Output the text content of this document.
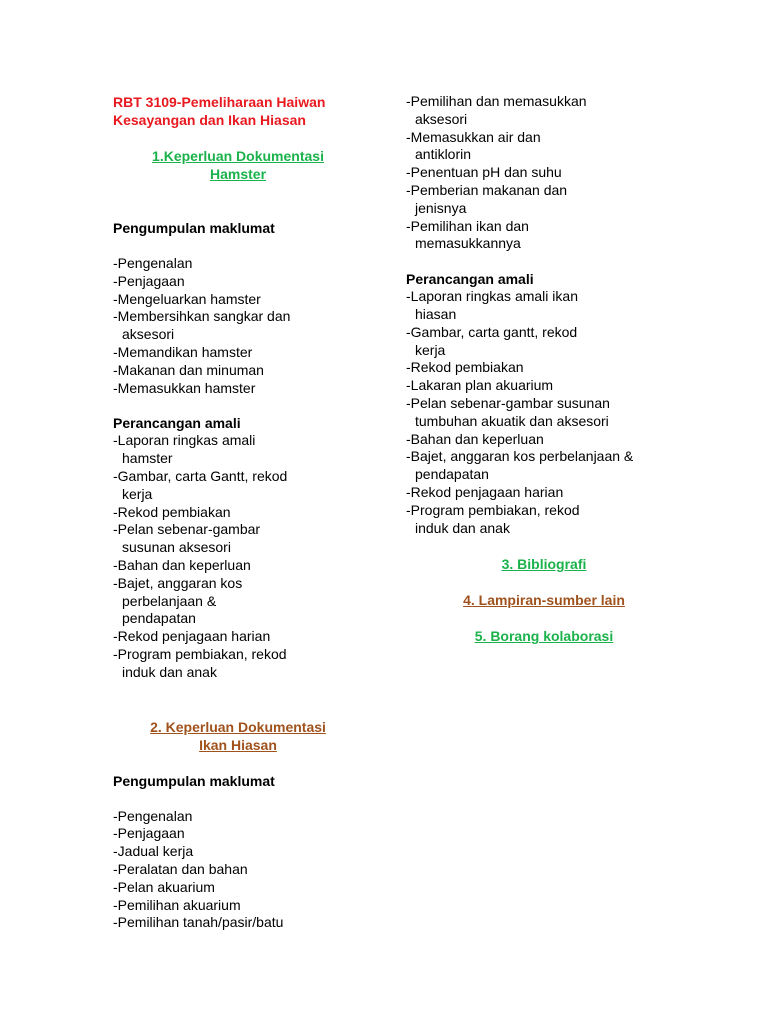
RBT 3109-Pemeliharaan Haiwan
Kesayangan dan Ikan Hiasan
1.Keperluan Dokumentasi
Hamster
Pengumpulan maklumat
-Pengenalan
-Penjagaan
-Mengeluarkan hamster
-Membersihkan sangkar dan aksesori
-Memandikan hamster
-Makanan dan minuman
-Memasukkan hamster
Perancangan amali
-Laporan ringkas amali hamster
-Gambar, carta Gantt, rekod kerja
-Rekod pembiakan
-Pelan sebenar-gambar susunan aksesori
-Bahan dan keperluan
-Bajet, anggaran kos perbelanjaan & pendapatan
-Rekod penjagaan harian
-Program pembiakan, rekod induk dan anak
2. Keperluan Dokumentasi
Ikan Hiasan
Pengumpulan maklumat
-Pengenalan
-Penjagaan
-Jadual kerja
-Peralatan dan bahan
-Pelan akuarium
-Pemilihan akuarium
-Pemilihan tanah/pasir/batu
-Pemilihan dan memasukkan aksesori
-Memasukkan air dan antiklorin
-Penentuan pH dan suhu
-Pemberian makanan dan jenisnya
-Pemilihan ikan dan memasukkannya
Perancangan amali
-Laporan ringkas amali ikan hiasan
-Gambar, carta gantt, rekod kerja
-Rekod pembiakan
-Lakaran plan akuarium
-Pelan sebenar-gambar susunan tumbuhan akuatik dan aksesori
-Bahan dan keperluan
-Bajet, anggaran kos perbelanjaan & pendapatan
-Rekod penjagaan harian
-Program pembiakan, rekod induk dan anak
3. Bibliografi
4. Lampiran-sumber lain
5. Borang kolaborasi
